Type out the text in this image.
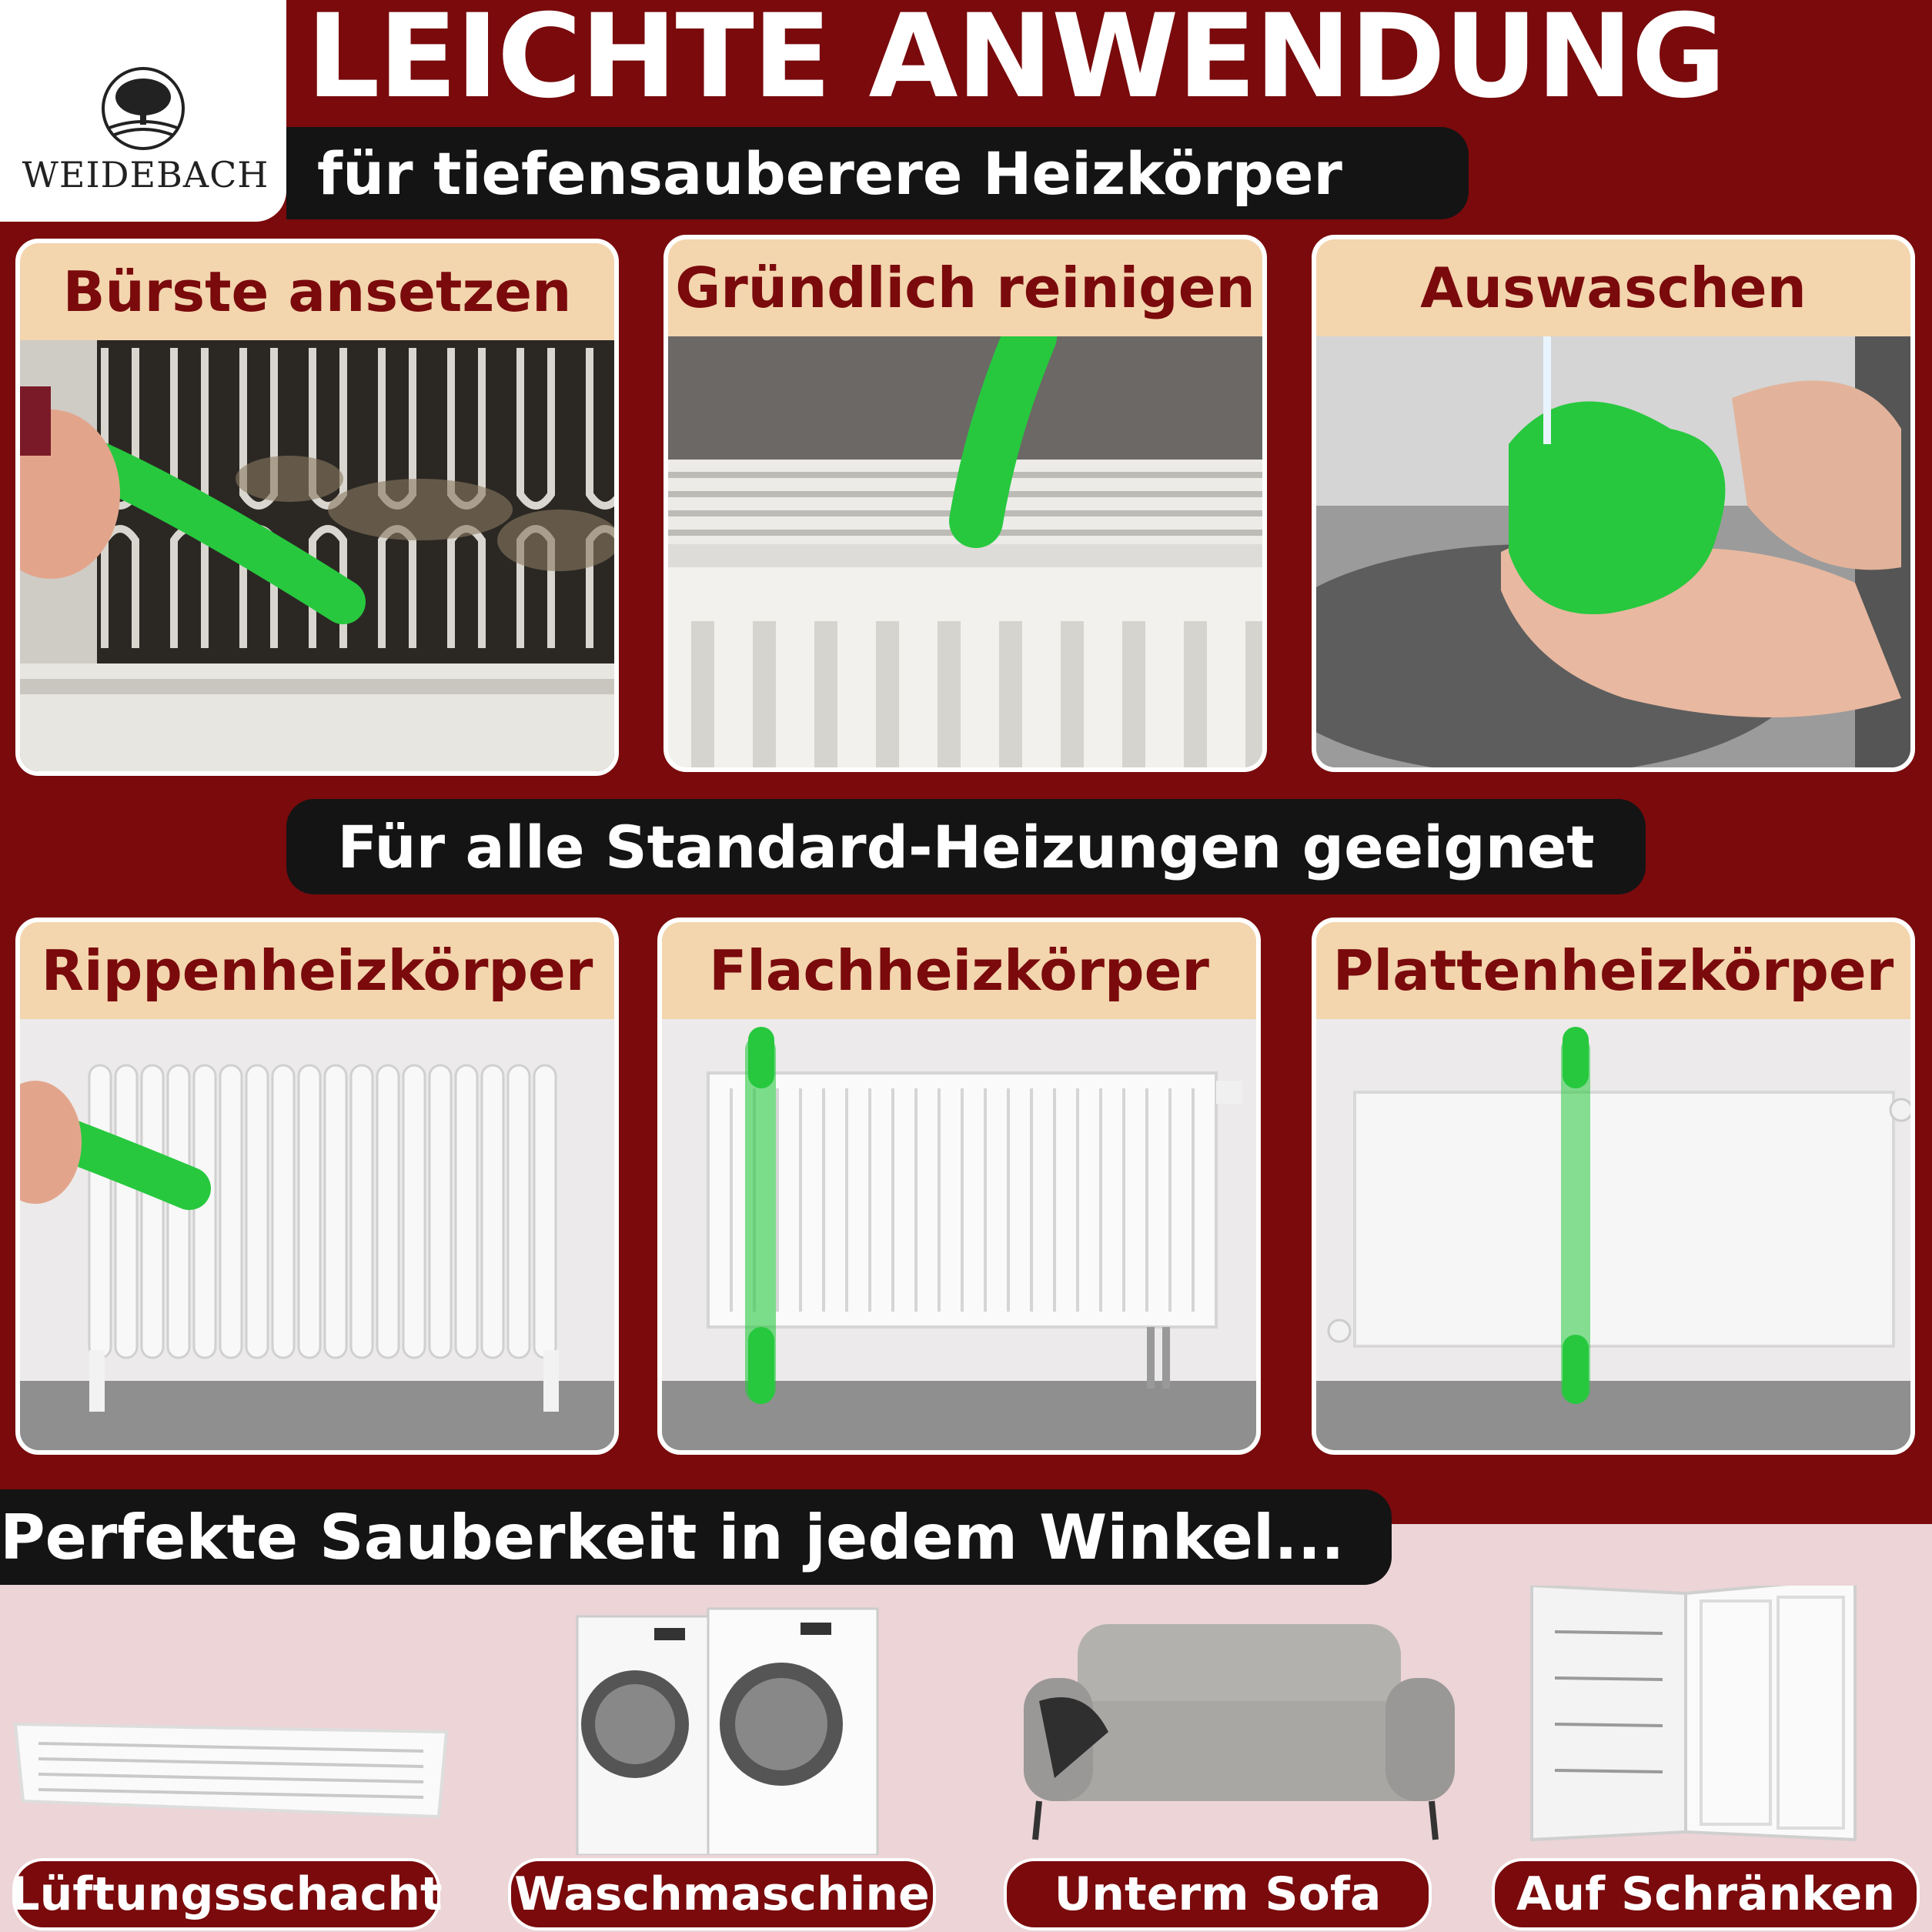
WEIDEBACH
LEICHTE ANWENDUNG
für tiefensauberere Heizkörper
Bürste ansetzen	Gründlich reinigen	Auswaschen
Für alle Standard-Heizungen geeignet
Rippenheizkörper	Flachheizkörper	Plattenheizkörper
Perfekte Sauberkeit in jedem Winkel...
Lüftungsschacht Waschmaschine	Unterm Sofa	Auf Schränken
